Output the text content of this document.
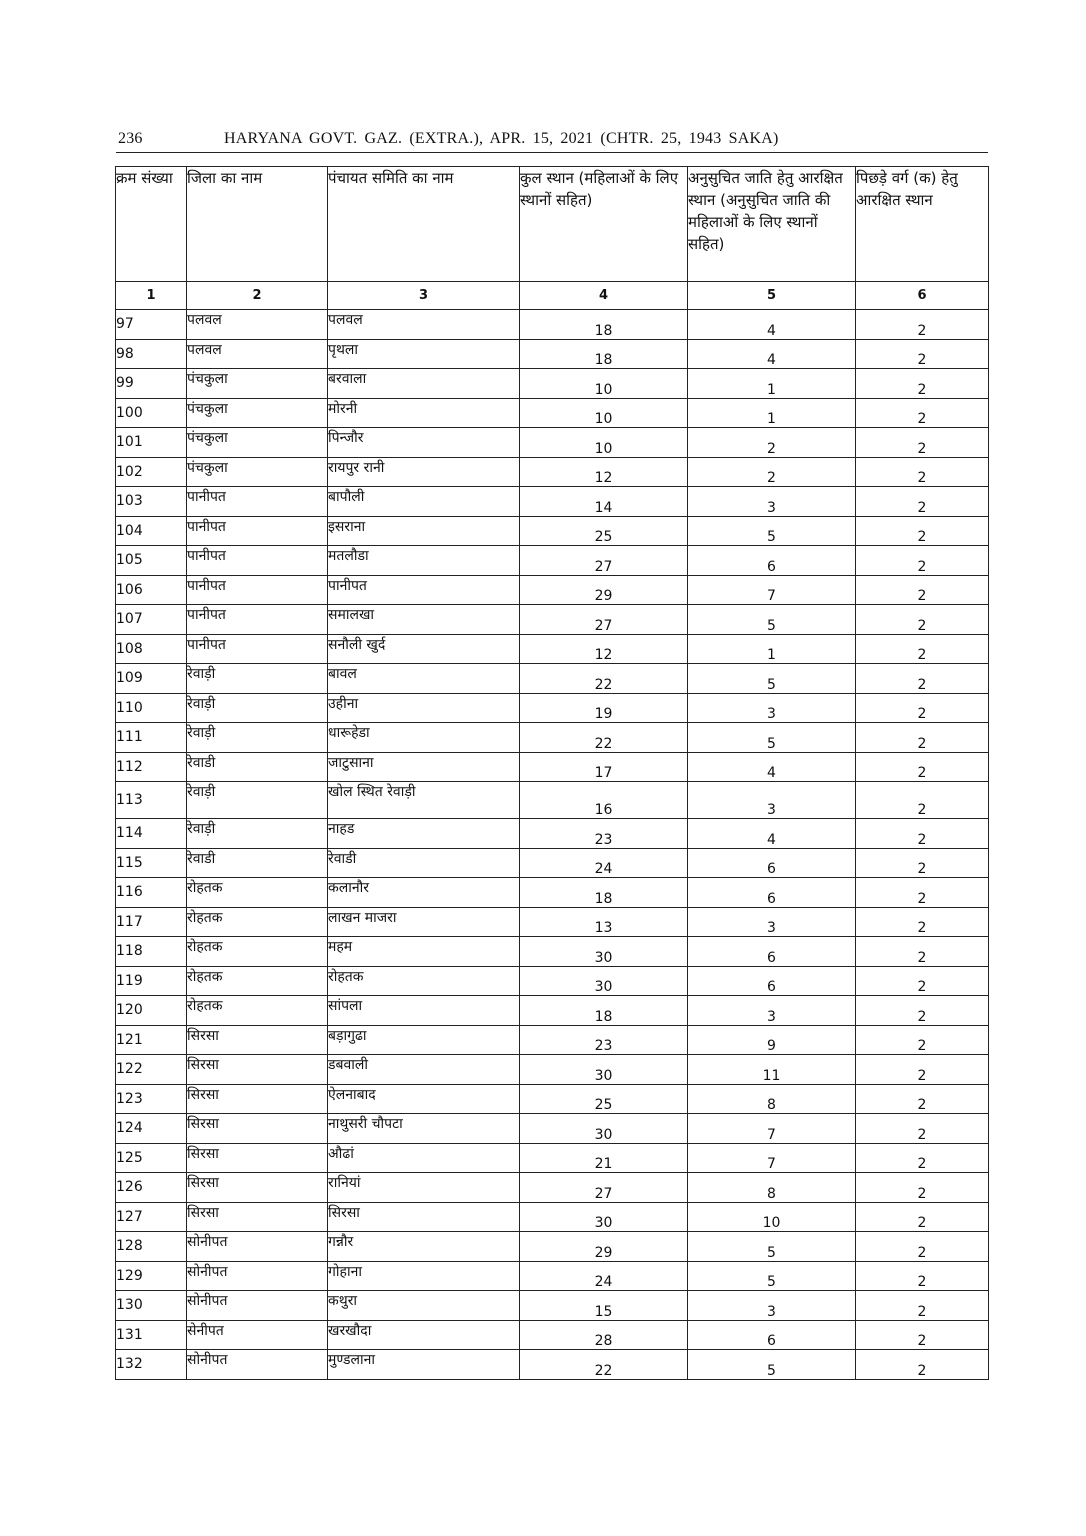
236	HARYANA GOVT. GAZ. (EXTRA.), APR. 15, 2021 (CHTR. 25, 1943 SAKA)
क्रम संख्या	जिला का नाम	पंचायत समिति का नाम	कुल स्थान (महिलाओं के लिए स्थानों सहित)	अनुसुचित जाति हेतु आरक्षित स्थान (अनुसुचित जाति की महिलाओं के लिए स्थानों सहित)	पिछड़े वर्ग (क) हेतु आरक्षित स्थान
1	2	3	4	5	6
97	पलवल	पलवल	18	4	2
98	पलवल	पृथला	18	4	2
99	पंचकुला	बरवाला	10	1	2
100	पंचकुला	मोरनी	10	1	2
101	पंचकुला	पिन्जौर	10	2	2
102	पंचकुला	रायपुर रानी	12	2	2
103	पानीपत	बापौली	14	3	2
104	पानीपत	इसराना	25	5	2
105	पानीपत	मतलौडा	27	6	2
106	पानीपत	पानीपत	29	7	2
107	पानीपत	समालखा	27	5	2
108	पानीपत	सनौली खुर्द	12	1	2
109	रेवाड़ी	बावल	22	5	2
110	रेवाड़ी	उहीना	19	3	2
111	रेवाड़ी	धारूहेडा	22	5	2
112	रेवाडी	जाटुसाना	17	4	2
113	रेवाड़ी	खोल स्थित रेवाड़ी	16	3	2
114	रेवाड़ी	नाहड	23	4	2
115	रेवाडी	रेवाडी	24	6	2
116	रोहतक	कलानौर	18	6	2
117	रोहतक	लाखन माजरा	13	3	2
118	रोहतक	महम	30	6	2
119	रोहतक	रोहतक	30	6	2
120	रोहतक	सांपला	18	3	2
121	सिरसा	बड़ागुढा	23	9	2
122	सिरसा	डबवाली	30	11	2
123	सिरसा	ऐलनाबाद	25	8	2
124	सिरसा	नाथुसरी चौपटा	30	7	2
125	सिरसा	औढां	21	7	2
126	सिरसा	रानियां	27	8	2
127	सिरसा	सिरसा	30	10	2
128	सोनीपत	गन्नौर	29	5	2
129	सोनीपत	गोहाना	24	5	2
130	सोनीपत	कथुरा	15	3	2
131	सेनीपत	खरखौदा	28	6	2
132	सोनीपत	मुण्डलाना	22	5	2
